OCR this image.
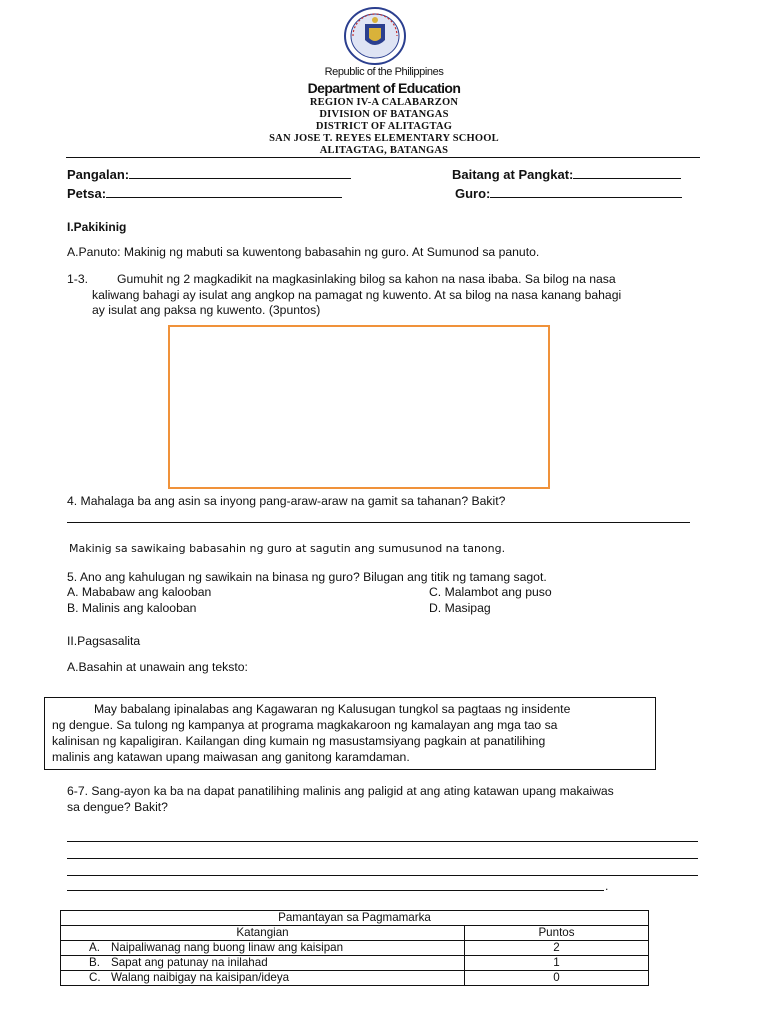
Republic of the Philippines
Department of Education
REGION IV-A CALABARZON
DIVISION OF BATANGAS
DISTRICT OF ALITAGTAG
SAN JOSE T. REYES ELEMENTARY SCHOOL
ALITAGTAG, BATANGAS
Pangalan:	Baitang at Pangkat:
Petsa:	Guro:
I.Pakikinig
A.Panuto: Makinig ng mabuti sa kuwentong babasahin ng guro. At Sumunod sa panuto.
1-3. Gumuhit ng 2 magkadikit na magkasinlaking bilog sa kahon na nasa ibaba. Sa bilog na nasa
kaliwang bahagi ay isulat ang angkop na pamagat ng kuwento. At sa bilog na nasa kanang bahagi
ay isulat ang paksa ng kuwento. (3puntos)
4. Mahalaga ba ang asin sa inyong pang-araw-araw na gamit sa tahanan? Bakit?
Makinig sa sawikaing babasahin ng guro at sagutin ang sumusunod na tanong.
5. Ano ang kahulugan ng sawikain na binasa ng guro? Bilugan ang titik ng tamang sagot.
A. Mababaw ang kalooban	C. Malambot ang puso
B. Malinis ang kalooban	D. Masipag
II.Pagsasalita
A.Basahin at unawain ang teksto:
May babalang ipinalabas ang Kagawaran ng Kalusugan tungkol sa pagtaas ng insidente
ng dengue. Sa tulong ng kampanya at programa magkakaroon ng kamalayan ang mga tao sa
kalinisan ng kapaligiran. Kailangan ding kumain ng masustamsiyang pagkain at panatilihing
malinis ang katawan upang maiwasan ang ganitong karamdaman.
6-7. Sang-ayon ka ba na dapat panatilihing malinis ang paligid at ang ating katawan upang makaiwas
sa dengue? Bakit?
.
Pamantayan sa Pagmamarka	
Katangian	Puntos
A. Naipaliwanag nang buong linaw ang kaisipan	2
B. Sapat ang patunay na inilahad	1
C. Walang naibigay na kaisipan/ideya	0
